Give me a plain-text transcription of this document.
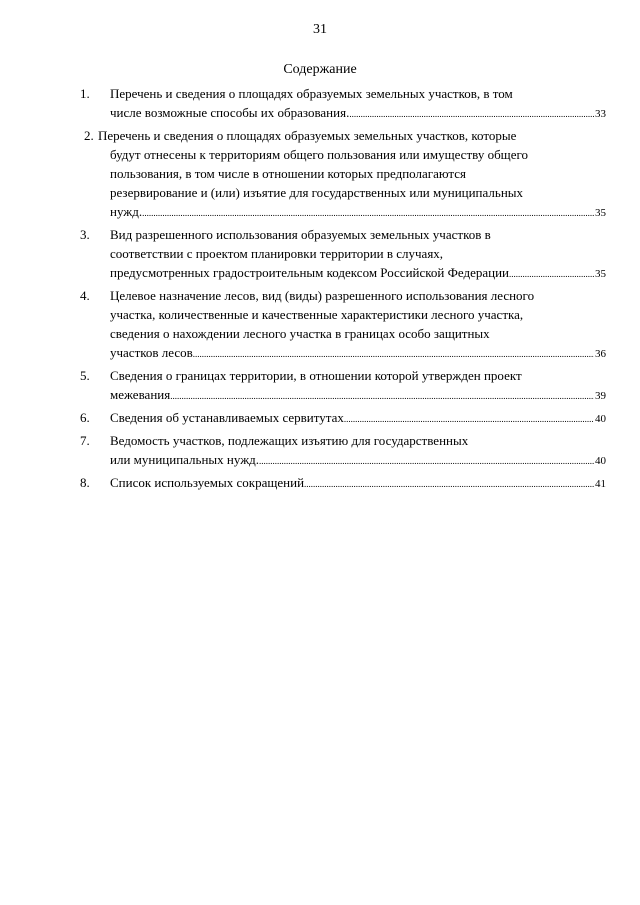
31
Содержание
1. Перечень и сведения о площадях образуемых земельных участков, в том
числе возможные способы их образования. .....	33
2. Перечень и сведения о площадях образуемых земельных участков, которые
будут отнесены к территориям общего пользования или имуществу общего
пользования, в том числе в отношении которых предполагаются
резервирование и (или) изъятие для государственных или муниципальных
нужд. .....	35
3. Вид разрешенного использования образуемых земельных участков в
соответствии с проектом планировки территории в случаях,
предусмотренных градостроительным кодексом Российской Федерации .....	35
4. Целевое назначение лесов, вид (виды) разрешенного использования лесного
участка, количественные и качественные характеристики лесного участка,
сведения о нахождении лесного участка в границах особо защитных
участков лесов .....	36
5. Сведения о границах территории, в отношении которой утвержден проект
межевания .....	39
6. Сведения об устанавливаемых сервитутах .....	40
7. Ведомость участков, подлежащих изъятию для государственных
или муниципальных нужд. .....	40
8. Список используемых сокращений .....	41
